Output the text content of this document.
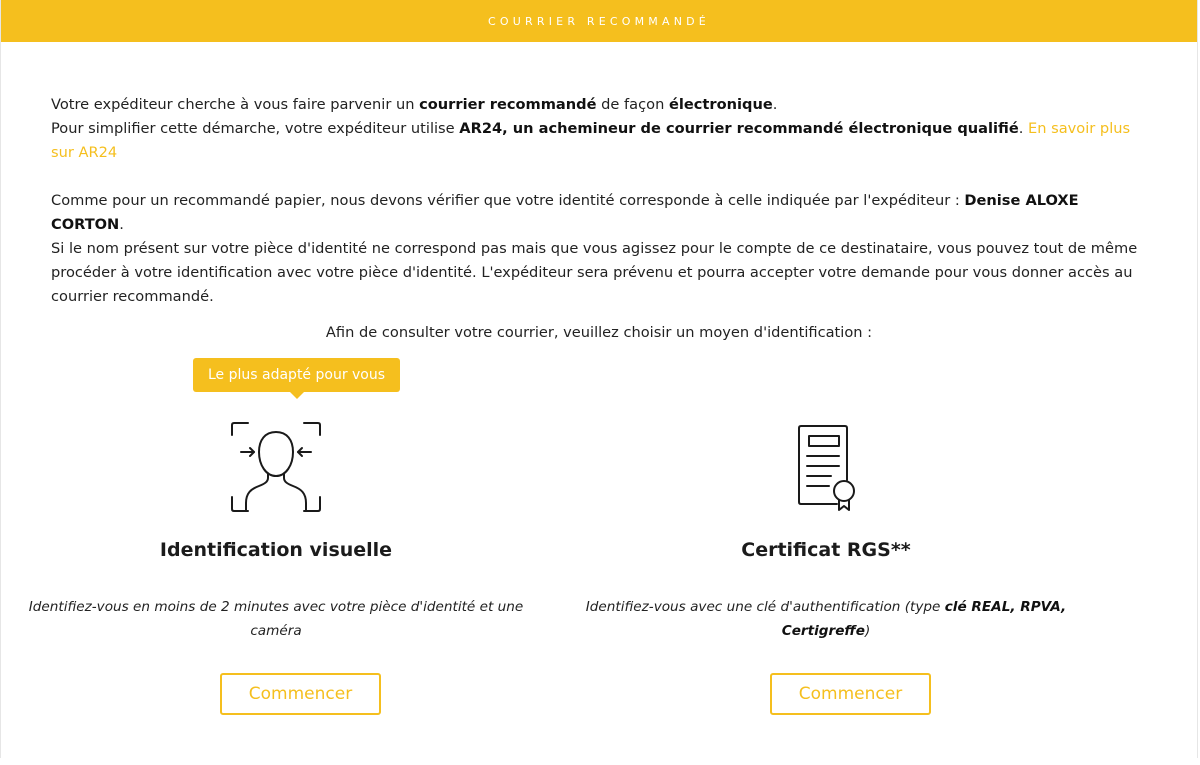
COURRIER RECOMMANDÉ

Votre expéditeur cherche à vous faire parvenir un courrier recommandé de façon électronique.
Pour simplifier cette démarche, votre expéditeur utilise AR24, un achemineur de courrier recommandé électronique qualifié. En savoir plus sur AR24

Comme pour un recommandé papier, nous devons vérifier que votre identité corresponde à celle indiquée par l'expéditeur : Denise ALOXE CORTON.
Si le nom présent sur votre pièce d'identité ne correspond pas mais que vous agissez pour le compte de ce destinataire, vous pouvez tout de même procéder à votre identification avec votre pièce d'identité. L'expéditeur sera prévenu et pourra accepter votre demande pour vous donner accès au courrier recommandé.

Afin de consulter votre courrier, veuillez choisir un moyen d'identification :

Le plus adapté pour vous
Identification visuelle
Identifiez-vous en moins de 2 minutes avec votre pièce d'identité et une caméra
Commencer
Certificat RGS**
Identifiez-vous avec une clé d'authentification (type clé REAL, RPVA, Certigreffe)
Commencer
